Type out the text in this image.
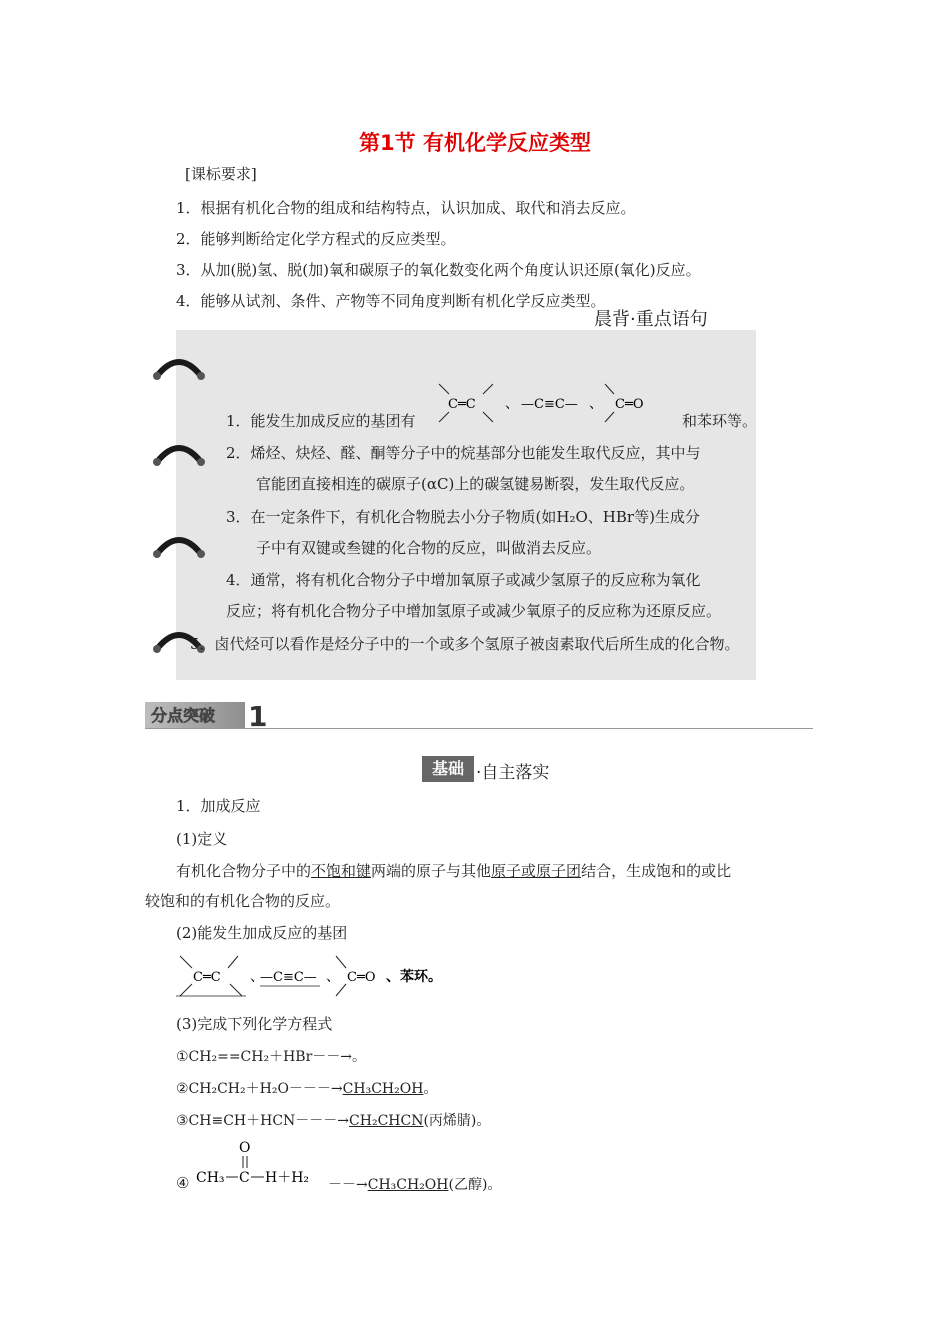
第1节 有机化学反应类型
[课标要求]
1．根据有机化合物的组成和结构特点，认识加成、取代和消去反应。
2．能够判断给定化学方程式的反应类型。
3．从加(脱)氢、脱(加)氧和碳原子的氧化数变化两个角度认识还原(氧化)反应。
4．能够从试剂、条件、产物等不同角度判断有机化学反应类型。
晨背·重点语句
1．能发生加成反应的基团有
C═C 、 —C≡C— 、 C ═O
和苯环等。
2．烯烃、炔烃、醛、酮等分子中的烷基部分也能发生取代反应，其中与
官能团直接相连的碳原子(αC)上的碳氢键易断裂，发生取代反应。
3．在一定条件下，有机化合物脱去小分子物质(如H₂O、HBr等)生成分
子中有双键或叁键的化合物的反应，叫做消去反应。
4．通常，将有机化合物分子中增加氧原子或减少氢原子的反应称为氧化
反应；将有机化合物分子中增加氢原子或减少氧原子的反应称为还原反应。
5．卤代烃可以看作是烃分子中的一个或多个氢原子被卤素取代后所生成的化合物。
分点突破 1
基础 ·自主落实
1．加成反应
(1)定义
有机化合物分子中的不饱和键两端的原子与其他原子或原子团结合，生成饱和的或比
较饱和的有机化合物的反应。
(2)能发生加成反应的基团
C═C 、
—C≡C— 、 C ═O 、苯环。
(3)完成下列化学方程式
①CH₂==CH₂＋HBr－－→。
②CH₂CH₂＋H₂O－－－→CH₃CH₂OH。
③CH≡CH＋HCN－－－→CH₂CHCN(丙烯腈)。
④
O
CH₃ C H＋H₂ －－→CH₃CH₂OH(乙醇)。
